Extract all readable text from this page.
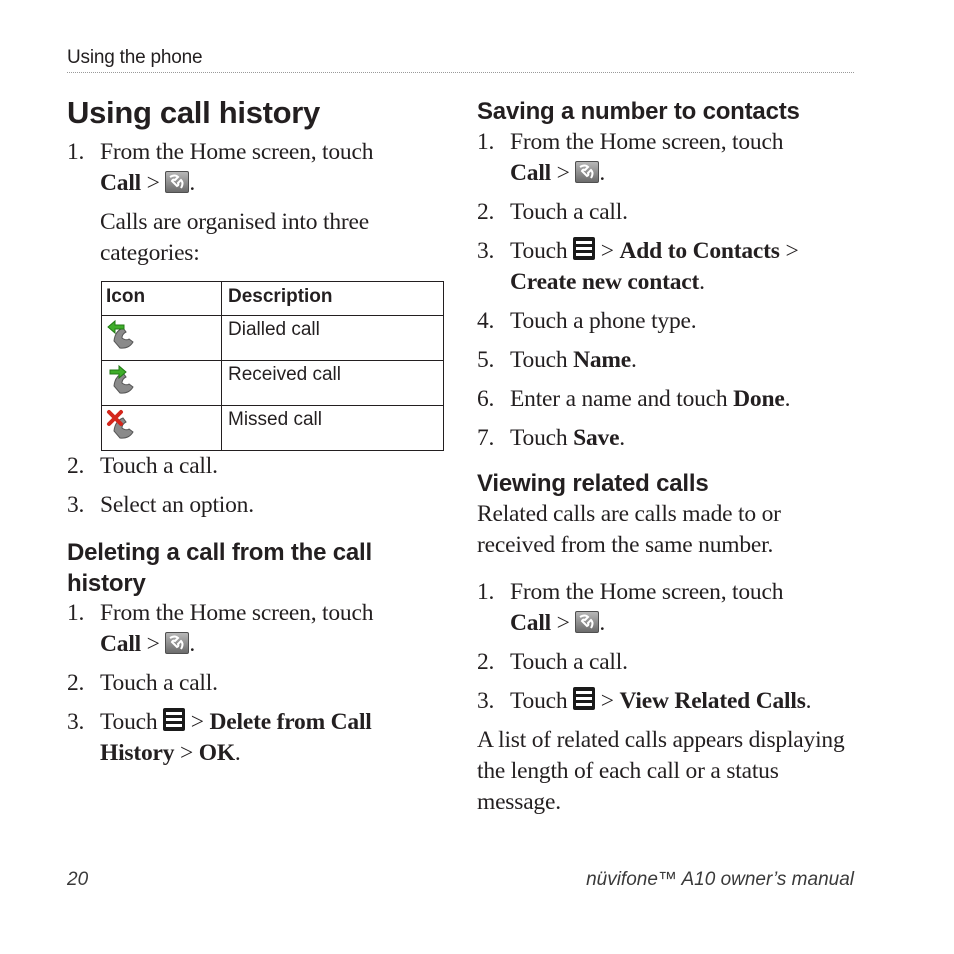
Using the phone
Using call history
1. From the Home screen, touch
Call > .
Calls are organised into three categories:
2. Touch a call.
3. Select an option.
Deleting a call from the call history
1. From the Home screen, touch
Call > .
2. Touch a call.
3. Touch > Delete from Call History > OK.
Icon	Description
	Dialled call
	Received call
	Missed call
Saving a number to contacts
1. From the Home screen, touch
Call > .
2. Touch a call.
3. Touch > Add to Contacts > Create new contact.
4. Touch a phone type.
5. Touch Name.
6. Enter a name and touch Done.
7. Touch Save.
Viewing related calls
Related calls are calls made to or received from the same number.
1. From the Home screen, touch
Call > .
2. Touch a call.
3. Touch > View Related Calls.
A list of related calls appears displaying the length of each call or a status message.
20	nüvifone™ A10 owner’s manual
